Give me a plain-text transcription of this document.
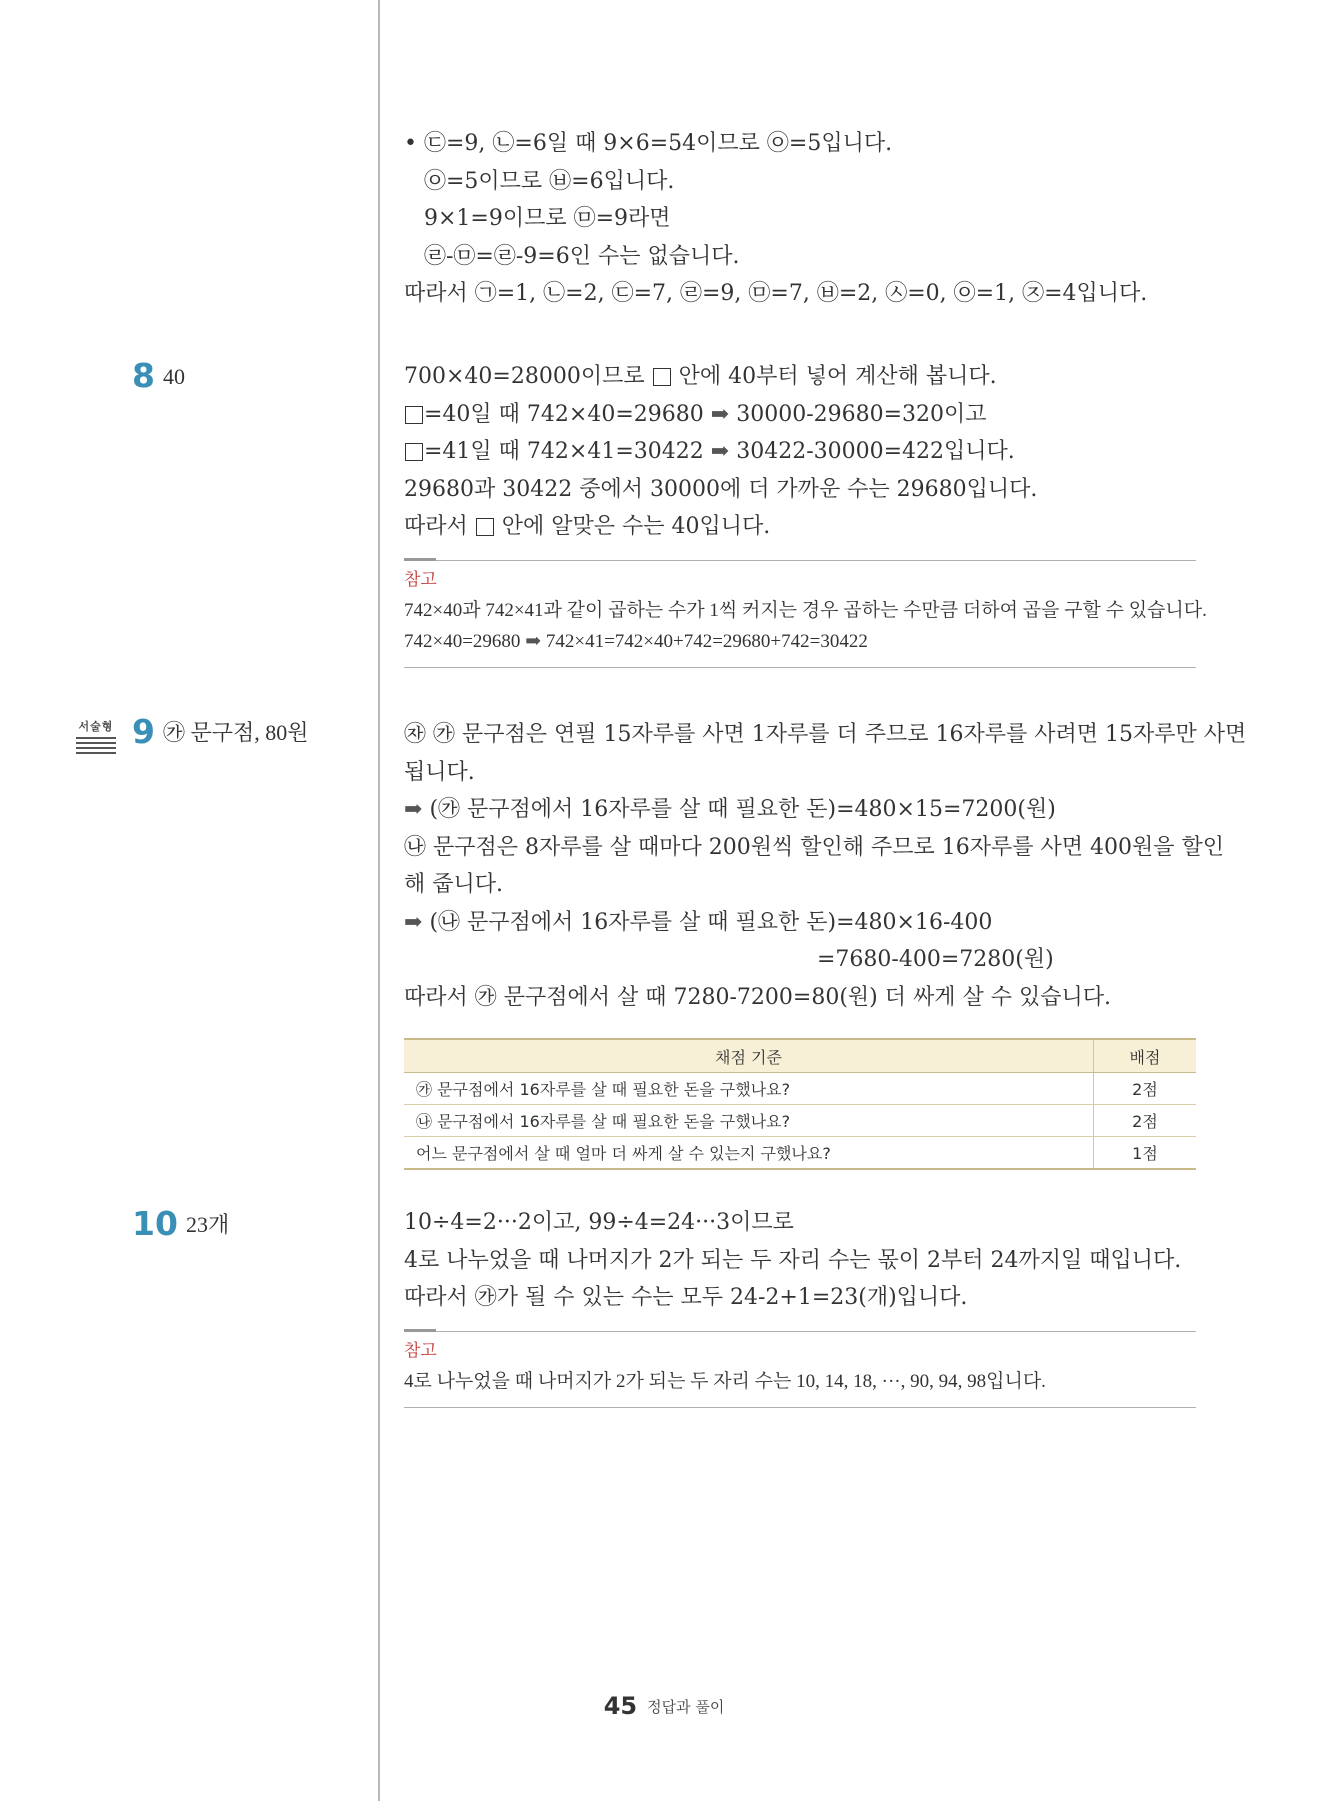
• ㉢=9, ㉡=6일 때 9×6=54이므로 ㉧=5입니다.
㉧=5이므로 ㉥=6입니다.
9×1=9이므로 ㉤=9라면
㉣-㉤=㉣-9=6인 수는 없습니다.
따라서 ㉠=1, ㉡=2, ㉢=7, ㉣=9, ㉤=7, ㉥=2, ㉦=0, ㉧=1, ㉨=4입니다.
8 40	700×40=28000이므로 안에 40부터 넣어 계산해 봅니다.
=40일 때 742×40=29680 ➡ 30000-29680=320이고
=41일 때 742×41=30422 ➡ 30422-30000=422입니다.
29680과 30422 중에서 30000에 더 가까운 수는 29680입니다.
따라서 안에 알맞은 수는 40입니다.
참고
742×40과 742×41과 같이 곱하는 수가 1씩 커지는 경우 곱하는 수만큼 더하여 곱을 구할 수 있습니다.
742×40=29680 ➡ 742×41=742×40+742=29680+742=30422
서술형 9 ㉮ 문구점, 80원	㉶ ㉮ 문구점은 연필 15자루를 사면 1자루를 더 주므로 16자루를 사려면 15자루만 사면
됩니다.
➡ (㉮ 문구점에서 16자루를 살 때 필요한 돈)=480×15=7200(원)
㉯ 문구점은 8자루를 살 때마다 200원씩 할인해 주므로 16자루를 사면 400원을 할인
해 줍니다.
➡ (㉯ 문구점에서 16자루를 살 때 필요한 돈)=480×16-400
=7680-400=7280(원)
따라서 ㉮ 문구점에서 살 때 7280-7200=80(원) 더 싸게 살 수 있습니다.
채점 기준	배점
㉮ 문구점에서 16자루를 살 때 필요한 돈을 구했나요?	2점
㉯ 문구점에서 16자루를 살 때 필요한 돈을 구했나요?	2점
어느 문구점에서 살 때 얼마 더 싸게 살 수 있는지 구했나요?	1점
10 23개	10÷4=2···2이고, 99÷4=24···3이므로
4로 나누었을 때 나머지가 2가 되는 두 자리 수는 몫이 2부터 24까지일 때입니다.
따라서 ㉮가 될 수 있는 수는 모두 24-2+1=23(개)입니다.
참고
4로 나누었을 때 나머지가 2가 되는 두 자리 수는 10, 14, 18, ···, 90, 94, 98입니다.
45 정답과 풀이
